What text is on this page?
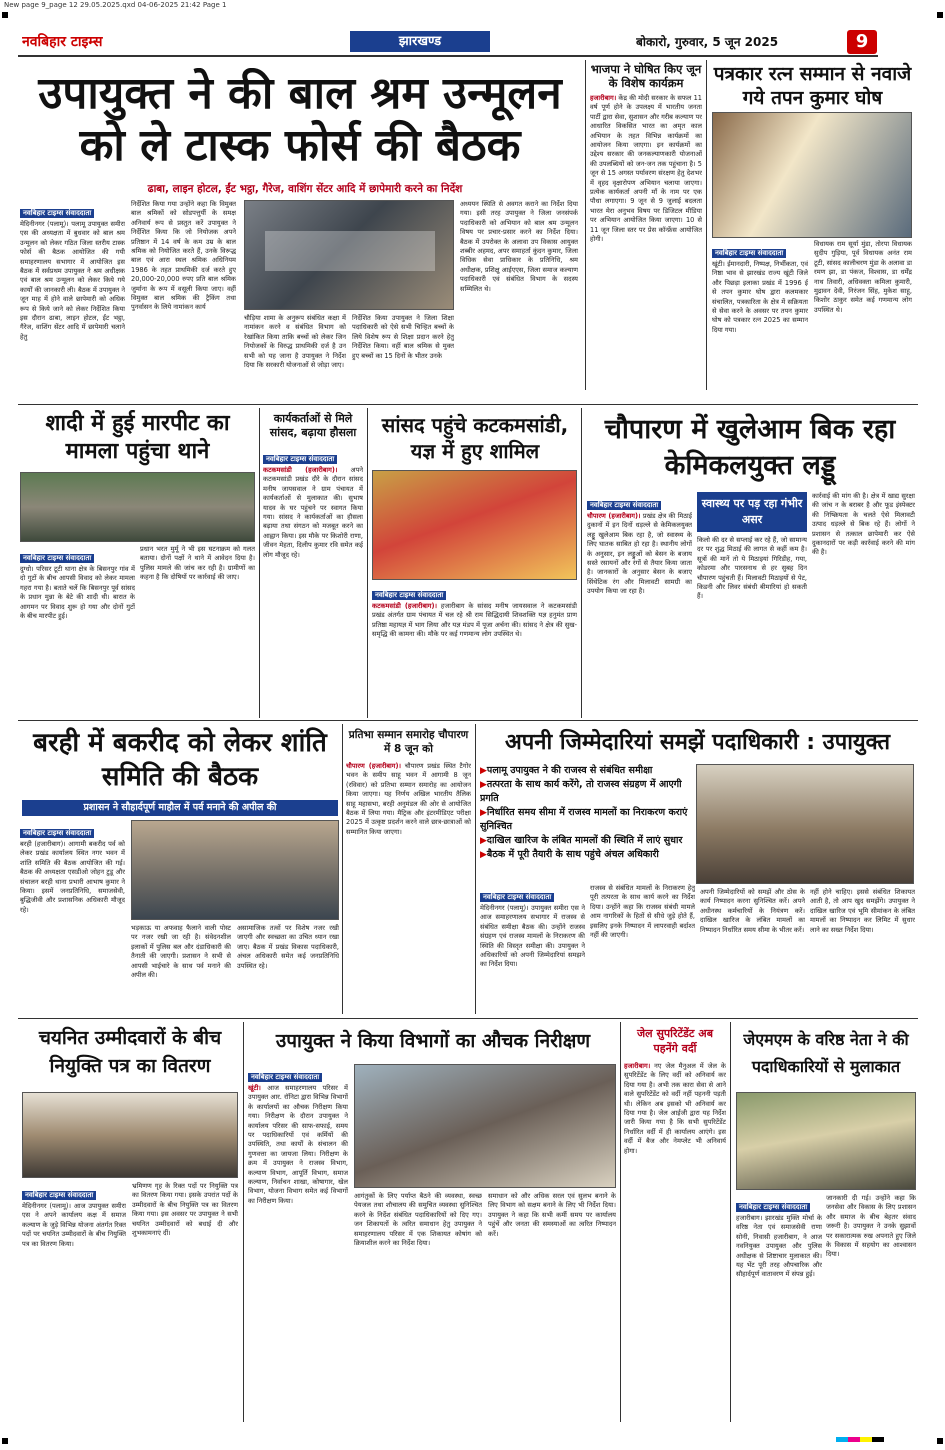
New page 9_page 12 29.05.2025.qxd 04-06-2025 21:42 Page 1
नवबिहार टाइम्स	झारखण्ड	बोकारो, गुरुवार, 5 जून 2025	9
उपायुक्त ने की बाल श्रम उन्मूलन को ले टास्क फोर्स की बैठक
ढाबा, लाइन होटल, ईंट भट्ठा, गैरेज, वाशिंग सेंटर आदि में छापेमारी करने का निर्देश
नवबिहार टाइम्स संवाददाता
मेदिनीनगर (पलामू)। पलामू उपायुक्त समीरा एस की अध्यक्षता में बुधवार को बाल श्रम उन्मूलन को लेकर गठित जिला स्तरीय टास्क फोर्स की बैठक आयोजित की गयी समाहरणालय सभागार में आयोजित इस बैठक में सर्वप्रथम उपायुक्त ने श्रम अधीक्षक एवं बाल श्रम उन्मूलन को लेकर किये गये कार्यों की जानकारी ली। बैठक में उपायुक्त ने जून माह में होने वाले छापेमारी को अधिक रूप से किये जाने को लेकर निर्देशित किया इस दौरान ढाबा, लाइन होटल, ईंट भट्ठा, गैरेज, वाशिंग सेंटर आदि में छापेमारी चलाने हेतु
निर्देशित किया गया उन्होंने कहा कि विमुक्त बाल श्रमिकों को सोडपत्तुर्यी के समक्ष अनिवार्य रूप से प्रस्तुत करें उपायुक्त ने निर्देशित किया कि जो नियोजक अपने प्रतिष्ठान में 14 वर्ष के कम उम्र के बाल श्रमिक को नियोजित करते हैं, उनके विरूद्ध बाल एवं आरा स्थल श्रमिक अधिनियम 1986 के तहत प्राथमिकी दर्ज करते हुए 20,000-20,000 रुपए प्रति बाल श्रमिक जुर्माना के रूप में वसूली किया जाए। वहीं विमुक्त बाल श्रमिक की ट्रैकिंग तथा पुनर्वासन के लिये नामांकन कार्य
चौड़िया शामा के अनुरूप संबंधित कक्षा में नामांकन करने व संबंधित विभाग को रेखांकित किया ताकि बच्चों को लेकर जिन नियोजकों के विरुद्ध प्राथमिकी दर्ज है उन सभी को यह जाना है उपायुक्त ने निर्देश दिया कि सरकारी योजनाओं से जोड़ा जाए।
निर्देशित किया उपायुक्त ने जिला शिक्षा पदाधिकारी को ऐसे सभी चिन्हित बच्चों के लिये विशेष रूप से शिक्षा प्रदान करने हेतु निर्देशित किया। वहीं बाल श्रमिक से मुक्त हुए बच्चों का 15 दिनों के भीतर उनके
अध्ययन स्थिति से अवगत कराने का निर्देश दिया गया। इसी तरह उपायुक्त ने जिला जनसंपर्क पदाधिकारी को अभियान को बाल श्रम उन्मूलन विषय पर प्रचार-प्रसार करने का निर्देश दिया। बैठक में उपरोक्त के अलावा उप विकास आयुक्त शब्बीर अहमद, अपर समाहर्ता कुंदन कुमार, जिला विधिक सेवा प्राधिकार के प्रतिनिधि, श्रम अधीक्षक, प्रशिक्षु आईएएस, जिला समाज कल्याण पदाधिकारी एवं संबंधित विभाग के सदस्य सम्मिलित थे।
भाजपा ने घोषित किए जून के विशेष कार्यक्रम
हजारीबाग। केंद्र की मोदी सरकार के सफल 11 वर्ष पूर्ण होने के उपलक्ष्य में भारतीय जनता पार्टी द्वारा सेवा, सुशासन और गरीब कल्याण पर आधारित विकसित भारत का अमृत काल अभियान के तहत विभिन्न कार्यक्रमों का आयोजन किया जाएगा। इन कार्यक्रमों का उद्देश्य सरकार की जनकल्याणकारी योजनाओं की उपलब्धियों को जन-जन तक पहुंचाना है। 5 जून से 15 अगस्त पर्यावरण संरक्षण हेतु देशभर में वृहद वृक्षारोपण अभियान चलाया जाएगा। प्रत्येक कार्यकर्ता अपनी माँ के नाम पर एक पौधा लगाएगा। 9 जून से 9 जुलाई बदलता भारत मेरा अनुभव विषय पर डिजिटल मीडिया पर अभियान आयोजित किया जाएगा। 10 से 11 जून जिला स्तर पर प्रेस कॉन्फ्रेंस आयोजित होगी।
पत्रकार रत्न सम्मान से नवाजे गये तपन कुमार घोष
नवबिहार टाइम्स संवाददाता
खूंटी। ईमानदारी, निष्पक्ष, निर्भीकता, एवं निष्ठा भाव से झारखंड राज्य खूंटी जिले और पिछड़ा इलाका प्रखंड में 1996 ई से तपन कुमार घोष द्वारा कलमकार संचालित, पत्रकारिता के क्षेत्र में सक्रियता से सेवा करने के अवसर पर तपन कुमार घोष को पत्रकार रत्न 2025 का सम्मान दिया गया।
विधायक राम सूर्या मुंडा, तोरपा विधायक सुदीप गुड़िया, पूर्व विधायक अनंत राम टूटी, सांसद कालीचरण मुंडा के अलावा डा रमण झा, डा पंकज, विश्वास, डा धर्मेंद्र नाथ तिवारी, अधिवक्ता कमिला कुमारी, मुद्रावन देवी, निरंजन सिंह, मुकेश साहू, किशोर ठाकुर समेत कई गणमान्य लोग उपस्थित थे।
शादी में हुई मारपीट का मामला पहुंचा थाने
नवबिहार टाइम्स संवाददाता
दुग्धो। परिसर टूटी थाना क्षेत्र के बिसनपुर गांव में दो गुटों के बीच आपसी विवाद को लेकर मामला गहरा गया है। बताते चलें कि बिसनपुर पूर्व सांसद के प्रधान मुन्ना के बेटे की शादी थी। बारात के आगमन पर विवाद शुरू हो गया और दोनों गुटों के बीच मारपीट हुई।
प्रधान भरत मुर्मू ने भी इस घटनाक्रम को गलत बताया। दोनों पक्षों ने थाने में आवेदन दिया है। पुलिस मामले की जांच कर रही है। ग्रामीणों का कहना है कि दोषियों पर कार्रवाई की जाए।
कार्यकर्ताओं से मिले सांसद, बढ़ाया हौसला
नवबिहार टाइम्स संवाददाता
कटकमसांडी (हजारीबाग)। अपने कटकमसांडी प्रखंड दौरे के दौरान सांसद मनीष जायसवाल ने ग्राम पंचायत में कार्यकर्ताओं से मुलाकात की। सुभाष यादव के घर पहुंचने पर स्वागत किया गया। सांसद ने कार्यकर्ताओं का हौसला बढ़ाया तथा संगठन को मजबूत करने का आह्वान किया। इस मौके पर किशोरी राणा, जीवन मेहता, दिलीप कुमार रवि समेत कई लोग मौजूद रहे।
सांसद पहुंचे कटकमसांडी, यज्ञ में हुए शामिल
नवबिहार टाइम्स संवाददाता
कटकमसांडी (हजारीबाग)। हजारीबाग के सांसद मनीष जायसवाल ने कटकमसांडी प्रखंड अंतर्गत ग्राम पंचायत में चल रहे श्री राम सिद्धिदायी शिवशक्ति यज्ञ हनुमंत प्राण प्रतिष्ठा महायज्ञ में भाग लिया और यज्ञ मंडप में पूजा अर्चना की। सांसद ने क्षेत्र की सुख-समृद्धि की कामना की। मौके पर कई गणमान्य लोग उपस्थित थे।
चौपारण में खुलेआम बिक रहा केमिकलयुक्त लड्डू
नवबिहार टाइम्स संवाददाता
चौपारण (हजारीबाग)। प्रखंड क्षेत्र की मिठाई दुकानों में इन दिनों धड़ल्ले से केमिकलयुक्त लड्डू खुलेआम बिक रहा है, जो स्वास्थ्य के लिए घातक साबित हो रहा है। स्थानीय लोगों के अनुसार, इन लड्डुओं को बेसन के बजाय सस्ते रसायनों और रंगों से तैयार किया जाता है। जानकारों के अनुसार बेसन के बजाए सिंथेटिक रंग और मिलावटी सामग्री का उपयोग किया जा रहा है।
स्वास्थ्य पर पड़ रहा गंभीर असर
किलो की दर से सप्लाई कर रहे हैं, जो सामान्य दर पर शुद्ध मिठाई की लागत से कहीं कम है। सूत्रों की मानें तो ये मिठाइयां गिरिडीह, गया, कोडरमा और पारसनाथ से हर सुबह दिन चौपारण पहुंचती हैं। मिलावटी मिठाइयों से पेट, किडनी और लिवर संबंधी बीमारियां हो सकती हैं।
कार्रवाई की मांग की है। क्षेत्र में खाद्य सुरक्षा की जांच न के बराबर है और फूड इंस्पेक्टर की निष्क्रियता के चलते ऐसे मिलावटी उत्पाद धड़ल्ले से बिक रहे हैं। लोगों ने प्रशासन से तत्काल छापेमारी कर ऐसे दुकानदारों पर कड़ी कार्रवाई करने की मांग की है।
बरही में बकरीद को लेकर शांति समिति की बैठक
प्रशासन ने सौहार्दपूर्ण माहौल में पर्व मनाने की अपील की
नवबिहार टाइम्स संवाददाता
बरही (हजारीबाग)। आगामी बकरीद पर्व को लेकर प्रखंड कार्यालय स्थित नगर भवन में शांति समिति की बैठक आयोजित की गई। बैठक की अध्यक्षता एसडीओ जोहन टुडू और संचालन बरही थाना प्रभारी आभाष कुमार ने किया। इसमें जनप्रतिनिधि, समाजसेवी, बुद्धिजीवी और प्रशासनिक अधिकारी मौजूद रहे।
भड़काऊ या अफवाह फैलाने वाली पोस्ट पर नजर रखी जा रही है। संवेदनशील इलाकों में पुलिस बल और दंडाधिकारी की तैनाती की जाएगी। प्रशासन ने सभी से आपसी भाईचारे के साथ पर्व मनाने की अपील की।
असामाजिक तत्वों पर विशेष नजर रखी जाएगी और स्वच्छता का उचित ध्यान रखा जाए। बैठक में प्रखंड विकास पदाधिकारी, अंचल अधिकारी समेत कई जनप्रतिनिधि उपस्थित रहे।
प्रतिभा सम्मान समारोह चौपारण में 8 जून को
चौपारण (हजारीबाग)। चौपारण प्रखंड स्थित टैगोर भवन के समीप साहू भवन में आगामी 8 जून (रविवार) को प्रतिभा सम्मान समारोह का आयोजन किया जाएगा। यह निर्णय अखिल भारतीय तैलिक साहू महासभा, बरही अनुमंडल की ओर से आयोजित बैठक में लिया गया। मैट्रिक और इंटरमीडिएट परीक्षा 2025 में उत्कृष्ट प्रदर्शन करने वाले छात्र-छात्राओं को सम्मानित किया जाएगा।
अपनी जिम्मेदारियां समझें पदाधिकारी : उपायुक्त
▶पलामू उपायुक्त ने की राजस्व से संबंधित समीक्षा
▶तत्परता के साथ कार्य करेंगे, तो राजस्व संग्रहण में आएगी प्रगति
▶निर्धारित समय सीमा में राजस्व मामलों का निराकरण कराएं सुनिश्चित
▶दाखिल खारिज के लंबित मामलों की स्थिति में लाएं सुधार
▶बैठक में पूरी तैयारी के साथ पहुंचे अंचल अधिकारी
नवबिहार टाइम्स संवाददाता
मेदिनीनगर (पलामू)। उपायुक्त समीरा एस ने आज समाहरणालय सभागार में राजस्व से संबंधित समीक्षा बैठक की। उन्होंने राजस्व संग्रहण एवं राजस्व मामलों के निराकरण की स्थिति की विस्तृत समीक्षा की। उपायुक्त ने अधिकारियों को अपनी जिम्मेदारियां समझने का निर्देश दिया।
राजस्व से संबंधित मामलों के निराकरण हेतु पूरी तत्परता के साथ कार्य करने का निर्देश दिया। उन्होंने कहा कि राजस्व संबंधी मामले आम नागरिकों के हितों से सीधे जुड़े होते हैं, इसलिए इनके निष्पादन में लापरवाही बर्दाश्त नहीं की जाएगी।
अपनी जिम्मेदारियों को समझें और ठोस के कार्य निष्पादन करना सुनिश्चित करें। अपने अधीनस्थ कर्मचारियों के नियंत्रण करें। दाखिल खारिज के लंबित मामलों का निष्पादन निर्धारित समय सीमा के भीतर करें।
नहीं होने चाहिए। इससे संबंधित शिकायत आती है, तो आप खुद समझेंगे। उपायुक्त ने दाखिल खारिज एवं भूमि सीमांकन के लंबित मामलों का निष्पादन कर लिमिट में सुधार लाने का सख्त निर्देश दिया।
चयनित उम्मीदवारों के बीच नियुक्ति पत्र का वितरण
नवबिहार टाइम्स संवाददाता
मेदिनीनगर (पलामू)। आज उपायुक्त समीरा एस ने अपने कार्यालय कक्ष में समाज कल्याण के जुड़े विभिन्न योजना अंतर्गत रिक्त पदों पर चयनित उम्मीदवारों के बीच नियुक्ति पत्र का वितरण किया।
भ्रमिणण गृह के रिक्त पदों पर नियुक्ति पत्र का वितरण किया गया। इसके उपरांत पदों के उम्मीदवारों के बीच नियुक्ति पत्र का वितरण किया गया। इस अवसर पर उपायुक्त ने सभी चयनित उम्मीदवारों को बधाई दी और शुभकामनाएं दीं।
उपायुक्त ने किया विभागों का औचक निरीक्षण
नवबिहार टाइम्स संवाददाता
खूंटी। आज समाहरणालय परिसर में उपायुक्त आर. रॉनिटा द्वारा विभिन्न विभागों के कार्यालयों का औचक निरीक्षण किया गया। निरीक्षण के दौरान उपायुक्त ने कार्यालय परिसर की साफ-सफाई, समय पर पदाधिकारियों एवं कर्मियों की उपस्थिति, तथा कार्यों के संचालन की गुणवत्ता का जायजा लिया। निरीक्षण के क्रम में उपायुक्त ने राजस्व विभाग, कल्याण विभाग, आपूर्ति विभाग, समाज कल्याण, निर्वाचन शाखा, कोषागार, खेल विभाग, योजना विभाग समेत कई विभागों का निरीक्षण किया।
आगंतुकों के लिए पर्याप्त बैठने की व्यवस्था, स्वच्छ पेयजल तथा शौचालय की समुचित व्यवस्था सुनिश्चित करने के निर्देश संबंधित पदाधिकारियों को दिए गए। जन शिकायतों के त्वरित समाधान हेतु उपायुक्त ने समाहरणालय परिसर में एक शिकायत कोषांग को क्रियाशील करने का निर्देश दिया।
समाधान को और अधिक सरल एवं सुलभ बनाने के लिए विभाग को सक्षम बनाने के लिए भी निर्देश दिया। उपायुक्त ने कहा कि सभी कर्मी समय पर कार्यालय पहुंचें और जनता की समस्याओं का त्वरित निष्पादन करें।
जेल सुपरिटेंडेंट अब पहनेंगे वर्दी
हजारीबाग। नए जेल मैनुअल में जेल के सुपरिटेंडेंट के लिए वर्दी को अनिवार्य कर दिया गया है। अभी तक कारा सेवा से आने वाले सुपरिटेंडेंट को वर्दी नहीं पहननी पड़ती थी। लेकिन अब इसको भी अनिवार्य कर दिया गया है। जेल आईजी द्वारा यह निर्देश जारी किया गया है कि सभी सुपरिटेंडेंट निर्धारित वर्दी में ही कार्यालय आएंगे। इस वर्दी में बैज और नेमप्लेट भी अनिवार्य होगा।
जेएमएम के वरिष्ठ नेता ने की पदाधिकारियों से मुलाकात
नवबिहार टाइम्स संवाददाता
हजारीबाग। झारखंड मुक्ति मोर्चा के वरिष्ठ नेता एवं समाजसेवी राणा सोनी, निवासी हजारीबाग, ने आज नवनियुक्त उपायुक्त और पुलिस अधीक्षक से शिष्टाचार मुलाकात की। यह भेंट पूरी तरह औपचारिक और सौहार्दपूर्ण वातावरण में संपन्न हुई।
जानकारी दी गई। उन्होंने कहा कि जनसेवा और विकास के लिए प्रशासन और समाज के बीच बेहतर संवाद जरूरी है। उपायुक्त ने उनके सुझावों पर सकारात्मक रुख अपनाते हुए जिले के विकास में सहयोग का आश्वासन दिया।
